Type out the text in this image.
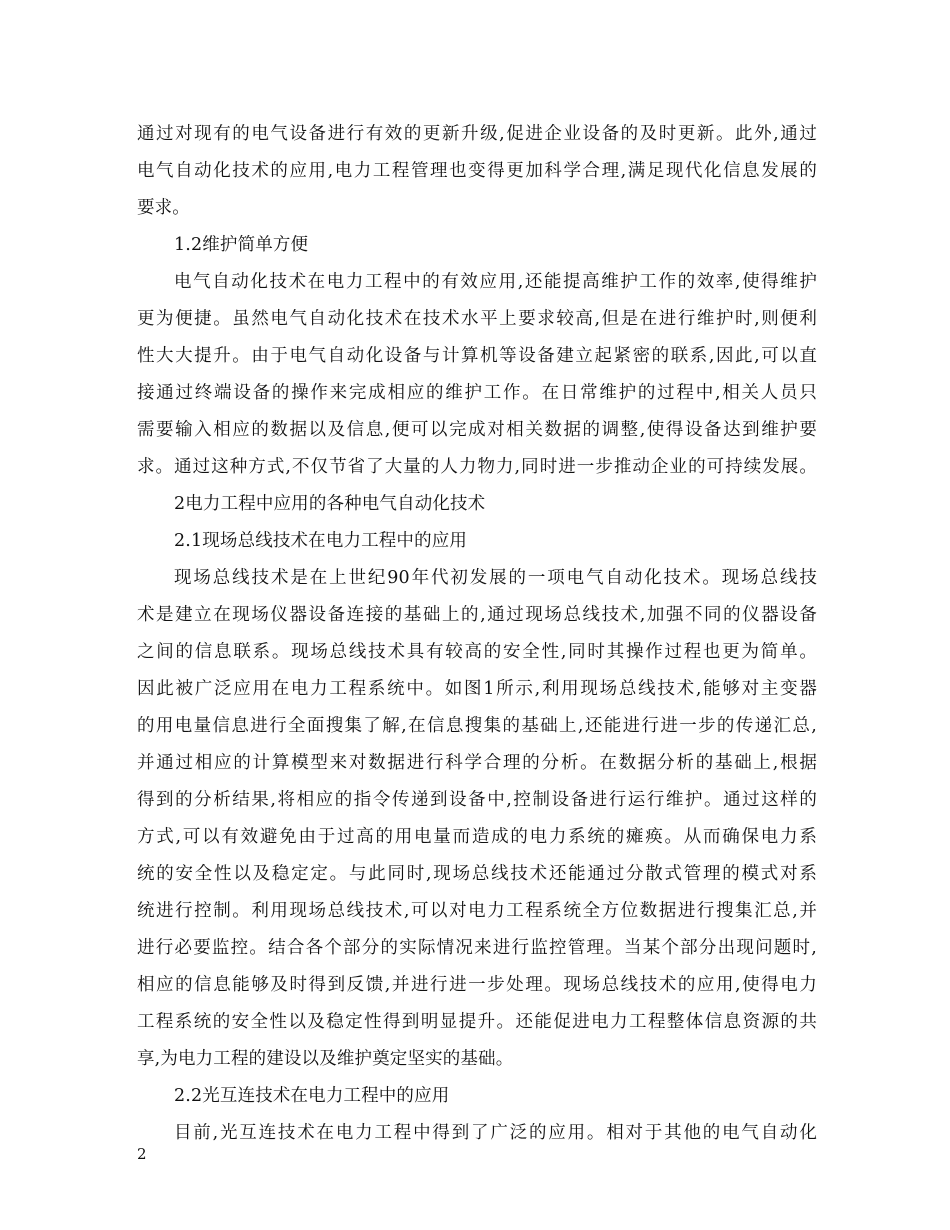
通过对现有的电气设备进行有效的更新升级,促进企业设备的及时更新。此外,通过
电气自动化技术的应用,电力工程管理也变得更加科学合理,满足现代化信息发展的
要求。
1.2维护简单方便
电气自动化技术在电力工程中的有效应用,还能提高维护工作的效率,使得维护
更为便捷。虽然电气自动化技术在技术水平上要求较高,但是在进行维护时,则便利
性大大提升。由于电气自动化设备与计算机等设备建立起紧密的联系,因此,可以直
接通过终端设备的操作来完成相应的维护工作。在日常维护的过程中,相关人员只
需要输入相应的数据以及信息,便可以完成对相关数据的调整,使得设备达到维护要
求。通过这种方式,不仅节省了大量的人力物力,同时进一步推动企业的可持续发展。
2电力工程中应用的各种电气自动化技术
2.1现场总线技术在电力工程中的应用
现场总线技术是在上世纪90年代初发展的一项电气自动化技术。现场总线技
术是建立在现场仪器设备连接的基础上的,通过现场总线技术,加强不同的仪器设备
之间的信息联系。现场总线技术具有较高的安全性,同时其操作过程也更为简单。
因此被广泛应用在电力工程系统中。如图1所示,利用现场总线技术,能够对主变器
的用电量信息进行全面搜集了解,在信息搜集的基础上,还能进行进一步的传递汇总,
并通过相应的计算模型来对数据进行科学合理的分析。在数据分析的基础上,根据
得到的分析结果,将相应的指令传递到设备中,控制设备进行运行维护。通过这样的
方式,可以有效避免由于过高的用电量而造成的电力系统的瘫痪。从而确保电力系
统的安全性以及稳定定。与此同时,现场总线技术还能通过分散式管理的模式对系
统进行控制。利用现场总线技术,可以对电力工程系统全方位数据进行搜集汇总,并
进行必要监控。结合各个部分的实际情况来进行监控管理。当某个部分出现问题时,
相应的信息能够及时得到反馈,并进行进一步处理。现场总线技术的应用,使得电力
工程系统的安全性以及稳定性得到明显提升。还能促进电力工程整体信息资源的共
享,为电力工程的建设以及维护奠定坚实的基础。
2.2光互连技术在电力工程中的应用
目前,光互连技术在电力工程中得到了广泛的应用。相对于其他的电气自动化
2
